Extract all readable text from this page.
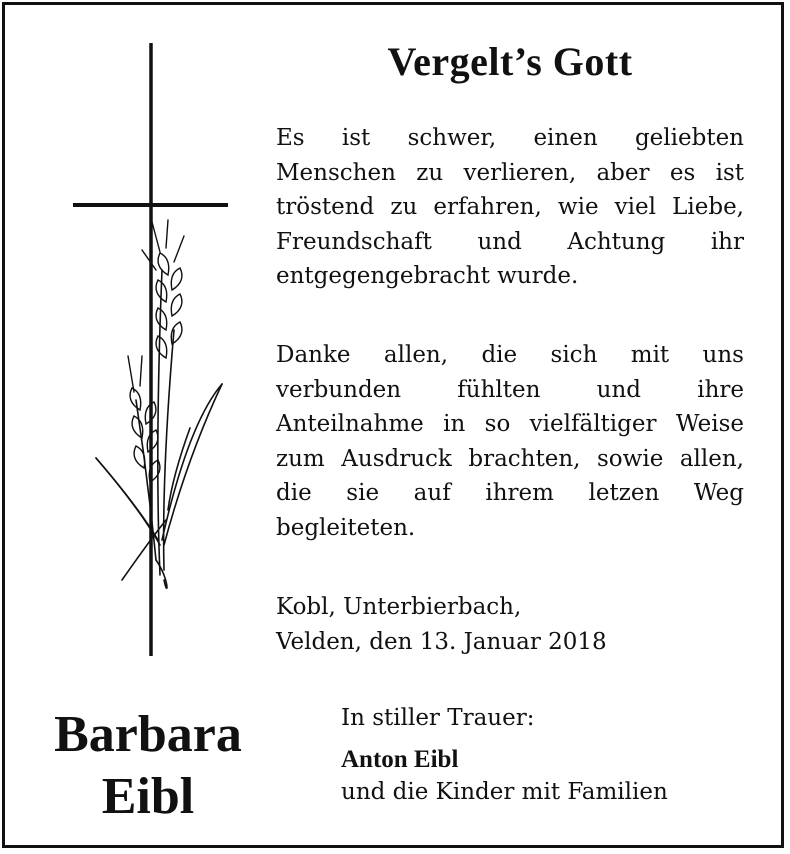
Vergelt’s Gott
Es ist schwer, einen geliebten Menschen zu verlieren, aber es ist tröstend zu erfahren, wie viel Liebe, Freundschaft und Achtung ihr entgegengebracht wurde.
Danke allen, die sich mit uns verbunden fühlten und ihre Anteilnahme in so vielfältiger Weise zum Ausdruck brachten, sowie allen, die sie auf ihrem letzen Weg begleiteten.
Kobl, Unterbierbach,
Velden, den 13. Januar 2018
Barbara
Eibl
In stiller Trauer:
Anton Eibl
und die Kinder mit Familien
